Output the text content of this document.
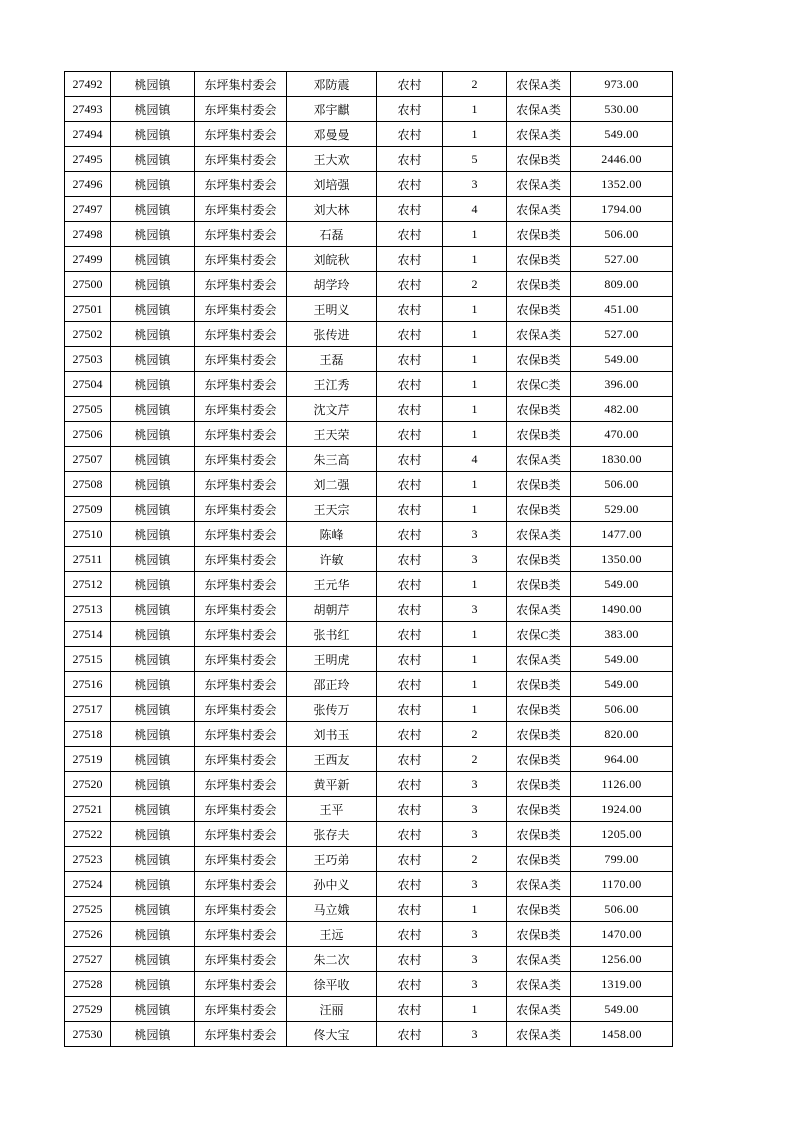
27492	桃园镇	东坪集村委会	邓防震	农村	2	农保A类	973.00
27493	桃园镇	东坪集村委会	邓宇麒	农村	1	农保A类	530.00
27494	桃园镇	东坪集村委会	邓曼曼	农村	1	农保A类	549.00
27495	桃园镇	东坪集村委会	王大欢	农村	5	农保B类	2446.00
27496	桃园镇	东坪集村委会	刘培强	农村	3	农保A类	1352.00
27497	桃园镇	东坪集村委会	刘大林	农村	4	农保A类	1794.00
27498	桃园镇	东坪集村委会	石磊	农村	1	农保B类	506.00
27499	桃园镇	东坪集村委会	刘皖秋	农村	1	农保B类	527.00
27500	桃园镇	东坪集村委会	胡学玲	农村	2	农保B类	809.00
27501	桃园镇	东坪集村委会	王明义	农村	1	农保B类	451.00
27502	桃园镇	东坪集村委会	张传进	农村	1	农保A类	527.00
27503	桃园镇	东坪集村委会	王磊	农村	1	农保B类	549.00
27504	桃园镇	东坪集村委会	王江秀	农村	1	农保C类	396.00
27505	桃园镇	东坪集村委会	沈文芹	农村	1	农保B类	482.00
27506	桃园镇	东坪集村委会	王天荣	农村	1	农保B类	470.00
27507	桃园镇	东坪集村委会	朱三高	农村	4	农保A类	1830.00
27508	桃园镇	东坪集村委会	刘二强	农村	1	农保B类	506.00
27509	桃园镇	东坪集村委会	王天宗	农村	1	农保B类	529.00
27510	桃园镇	东坪集村委会	陈峰	农村	3	农保A类	1477.00
27511	桃园镇	东坪集村委会	许敏	农村	3	农保B类	1350.00
27512	桃园镇	东坪集村委会	王元华	农村	1	农保B类	549.00
27513	桃园镇	东坪集村委会	胡朝芹	农村	3	农保A类	1490.00
27514	桃园镇	东坪集村委会	张书红	农村	1	农保C类	383.00
27515	桃园镇	东坪集村委会	王明虎	农村	1	农保A类	549.00
27516	桃园镇	东坪集村委会	邵正玲	农村	1	农保B类	549.00
27517	桃园镇	东坪集村委会	张传万	农村	1	农保B类	506.00
27518	桃园镇	东坪集村委会	刘书玉	农村	2	农保B类	820.00
27519	桃园镇	东坪集村委会	王西友	农村	2	农保B类	964.00
27520	桃园镇	东坪集村委会	黄平新	农村	3	农保B类	1126.00
27521	桃园镇	东坪集村委会	王平	农村	3	农保B类	1924.00
27522	桃园镇	东坪集村委会	张存夫	农村	3	农保B类	1205.00
27523	桃园镇	东坪集村委会	王巧弟	农村	2	农保B类	799.00
27524	桃园镇	东坪集村委会	孙中义	农村	3	农保A类	1170.00
27525	桃园镇	东坪集村委会	马立娥	农村	1	农保B类	506.00
27526	桃园镇	东坪集村委会	王远	农村	3	农保B类	1470.00
27527	桃园镇	东坪集村委会	朱二次	农村	3	农保A类	1256.00
27528	桃园镇	东坪集村委会	徐平收	农村	3	农保A类	1319.00
27529	桃园镇	东坪集村委会	汪丽	农村	1	农保A类	549.00
27530	桃园镇	东坪集村委会	佟大宝	农村	3	农保A类	1458.00
